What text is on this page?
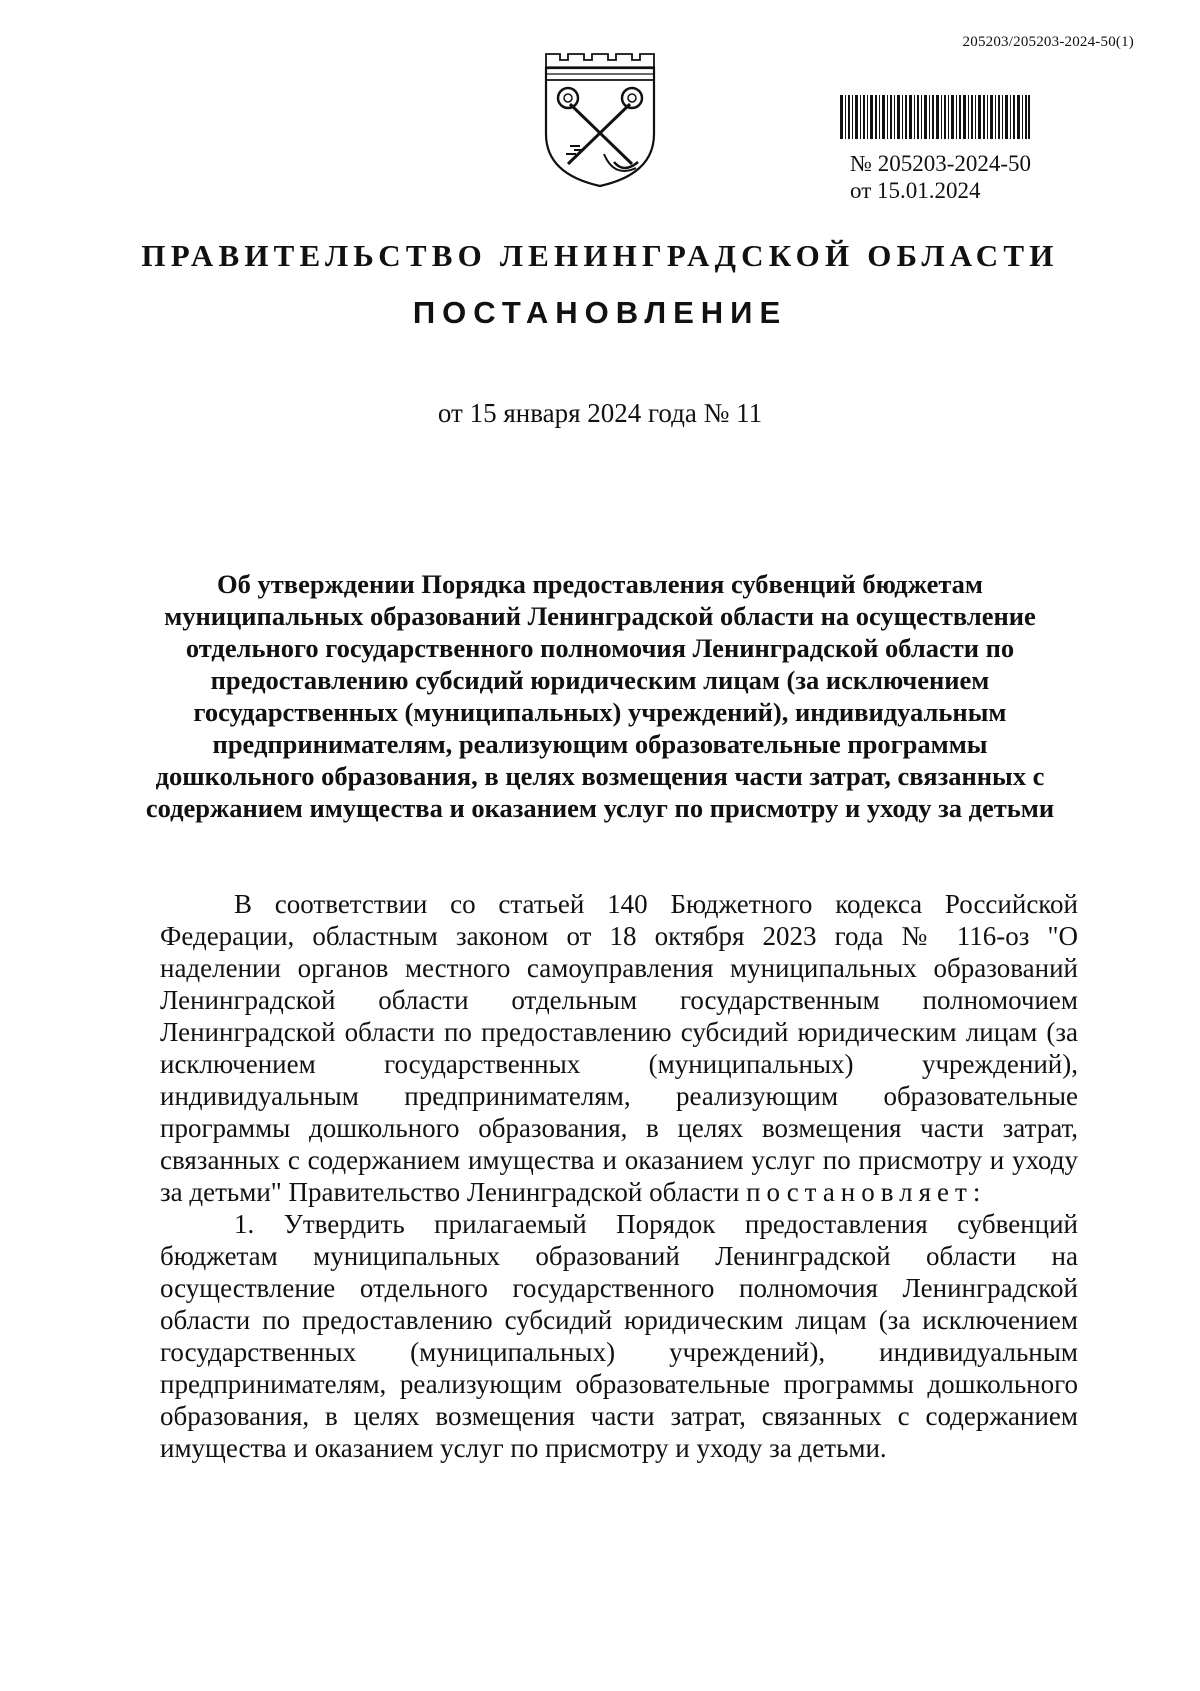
205203/205203-2024-50(1)
№ 205203-2024-50
от 15.01.2024
ПРАВИТЕЛЬСТВО ЛЕНИНГРАДСКОЙ ОБЛАСТИ
ПОСТАНОВЛЕНИЕ
от 15 января 2024 года № 11
Об утверждении Порядка предоставления субвенций бюджетам муниципальных образований Ленинградской области на осуществление отдельного государственного полномочия Ленинградской области по предоставлению субсидий юридическим лицам (за исключением государственных (муниципальных) учреждений), индивидуальным предпринимателям, реализующим образовательные программы дошкольного образования, в целях возмещения части затрат, связанных с содержанием имущества и оказанием услуг по присмотру и уходу за детьми

В соответствии со статьей 140 Бюджетного кодекса Российской Федерации, областным законом от 18 октября 2023 года № 116-оз "О наделении органов местного самоуправления муниципальных образований Ленинградской области отдельным государственным полномочием Ленинградской области по предоставлению субсидий юридическим лицам (за исключением государственных (муниципальных) учреждений), индивидуальным предпринимателям, реализующим образовательные программы дошкольного образования, в целях возмещения части затрат, связанных с содержанием имущества и оказанием услуг по присмотру и уходу за детьми" Правительство Ленинградской области постановляет:

1. Утвердить прилагаемый Порядок предоставления субвенций бюджетам муниципальных образований Ленинградской области на осуществление отдельного государственного полномочия Ленинградской области по предоставлению субсидий юридическим лицам (за исключением государственных (муниципальных) учреждений), индивидуальным предпринимателям, реализующим образовательные программы дошкольного образования, в целях возмещения части затрат, связанных с содержанием имущества и оказанием услуг по присмотру и уходу за детьми.
